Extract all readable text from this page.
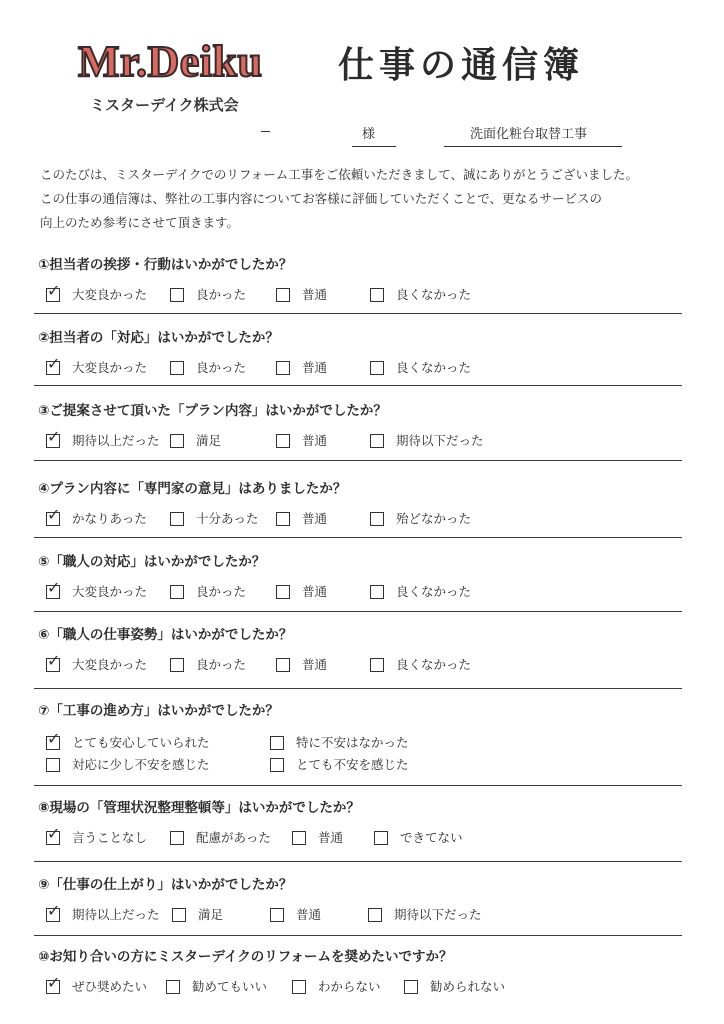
Mr.Deiku 仕事の通信簿
ミスターデイク株式会
様	洗面化粧台取替工事
このたびは、ミスターデイクでのリフォーム工事をご依頼いただきまして、誠にありがとうございました。
この仕事の通信簿は、弊社の工事内容についてお客様に評価していただくことで、更なるサービスの
向上のため参考にさせて頂きます。
①担当者の挨拶・行動はいかがでしたか？
✓ 大変良かった	良かった	普通	良くなかった
②担当者の「対応」はいかがでしたか？
✓ 大変良かった	良かった	普通	良くなかった
③ご提案させて頂いた「プラン内容」はいかがでしたか？
✓ 期待以上だった	満足	普通	期待以下だった
④プラン内容に「専門家の意見」はありましたか？
✓ かなりあった	十分あった	普通	殆どなかった
⑤「職人の対応」はいかがでしたか？
✓ 大変良かった	良かった	普通	良くなかった
⑥「職人の仕事姿勢」はいかがでしたか？
✓ 大変良かった	良かった	普通	良くなかった
⑦「工事の進め方」はいかがでしたか？
✓ とても安心していられた	特に不安はなかった
対応に少し不安を感じた	とても不安を感じた
⑧現場の「管理状況整理整頓等」はいかがでしたか？
✓ 言うことなし	配慮があった	普通	できてない
⑨「仕事の仕上がり」はいかがでしたか？
✓ 期待以上だった	満足	普通	期待以下だった
⑩お知り合いの方にミスターデイクのリフォームを奨めたいですか？
✓ ぜひ奨めたい	勧めてもいい	わからない	勧められない
